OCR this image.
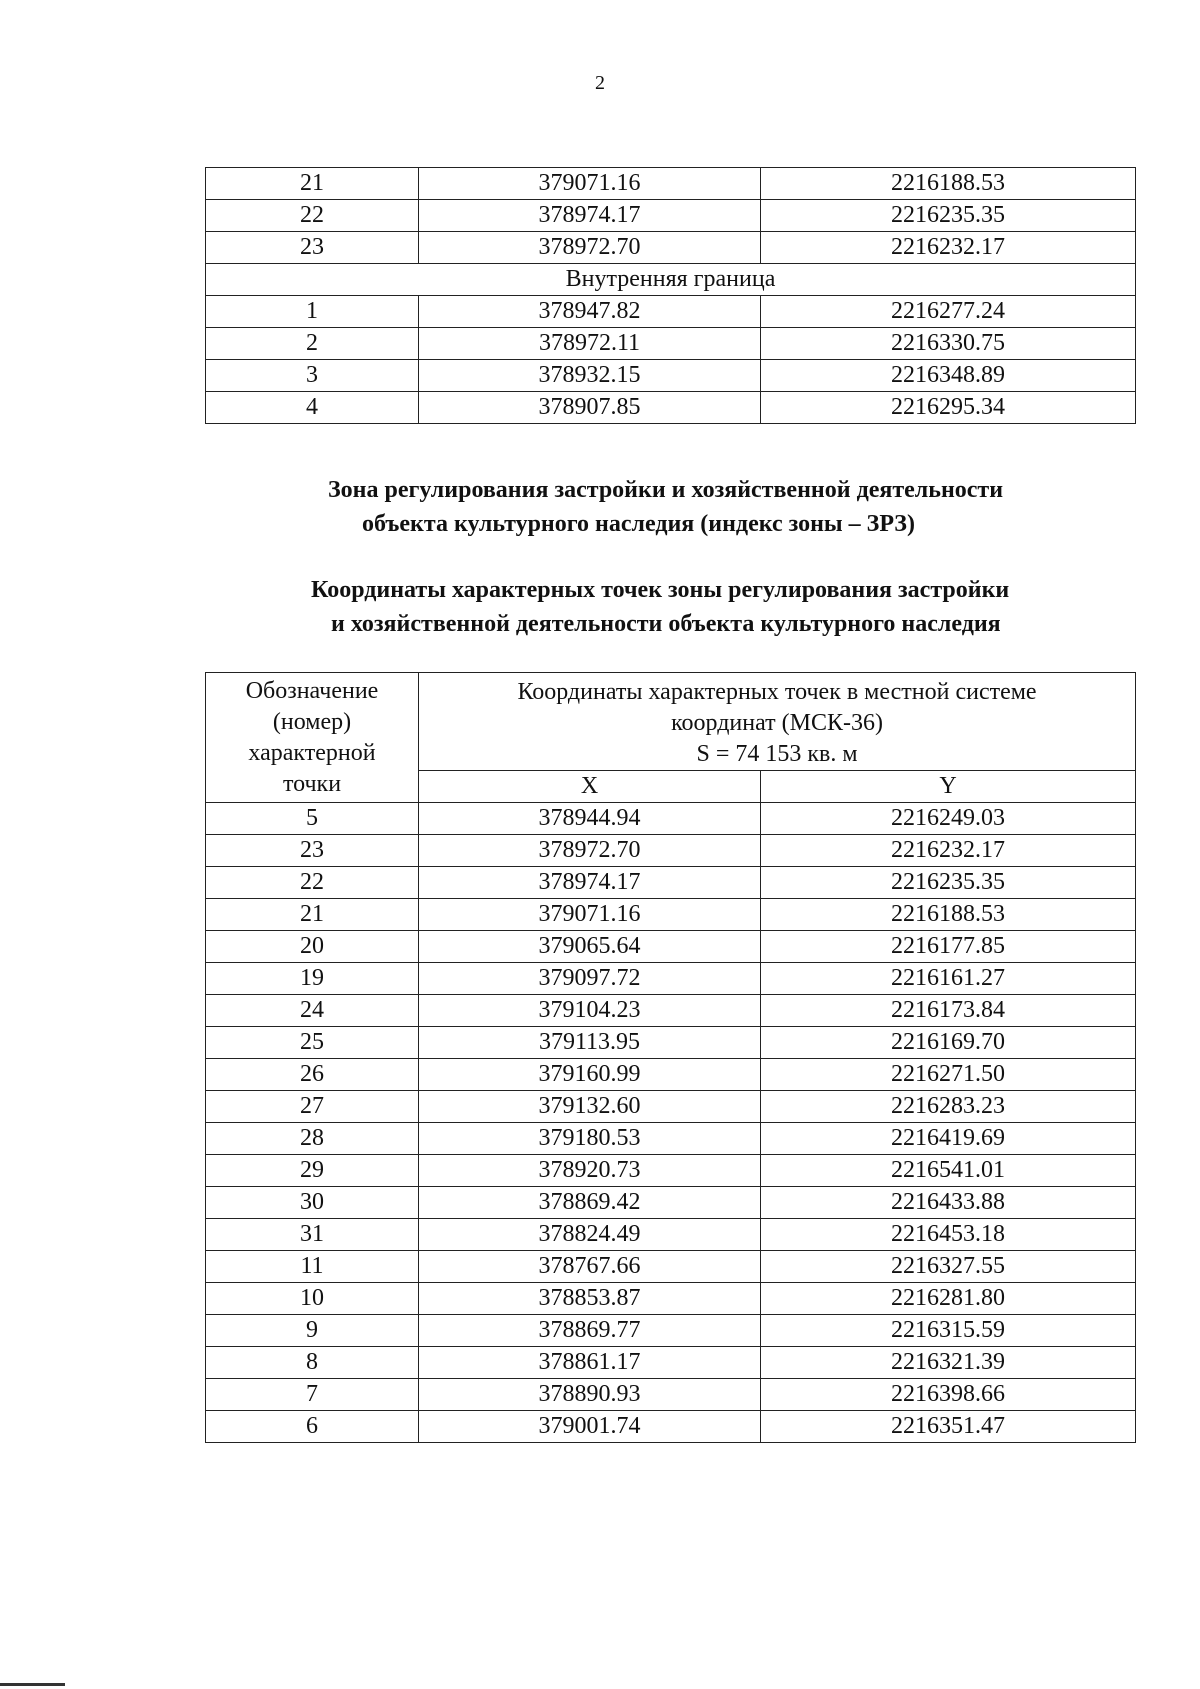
2
21	379071.16	2216188.53
22	378974.17	2216235.35
23	378972.70	2216232.17
Внутренняя граница		
1	378947.82	2216277.24
2	378972.11	2216330.75
3	378932.15	2216348.89
4	378907.85	2216295.34
Зона регулирования застройки и хозяйственной деятельности
объекта культурного наследия (индекс зоны – ЗРЗ)
Координаты характерных точек зоны регулирования застройки
и хозяйственной деятельности объекта культурного наследия
Обозначение (номер) характерной точки	Координаты характерных точек в местной системе
координат (МСК-36)
S = 74 153 кв. м	

	X	Y
5	378944.94	2216249.03
23	378972.70	2216232.17
22	378974.17	2216235.35
21	379071.16	2216188.53
20	379065.64	2216177.85
19	379097.72	2216161.27
24	379104.23	2216173.84
25	379113.95	2216169.70
26	379160.99	2216271.50
27	379132.60	2216283.23
28	379180.53	2216419.69
29	378920.73	2216541.01
30	378869.42	2216433.88
31	378824.49	2216453.18
11	378767.66	2216327.55
10	378853.87	2216281.80
9	378869.77	2216315.59
8	378861.17	2216321.39
7	378890.93	2216398.66
6	379001.74	2216351.47
